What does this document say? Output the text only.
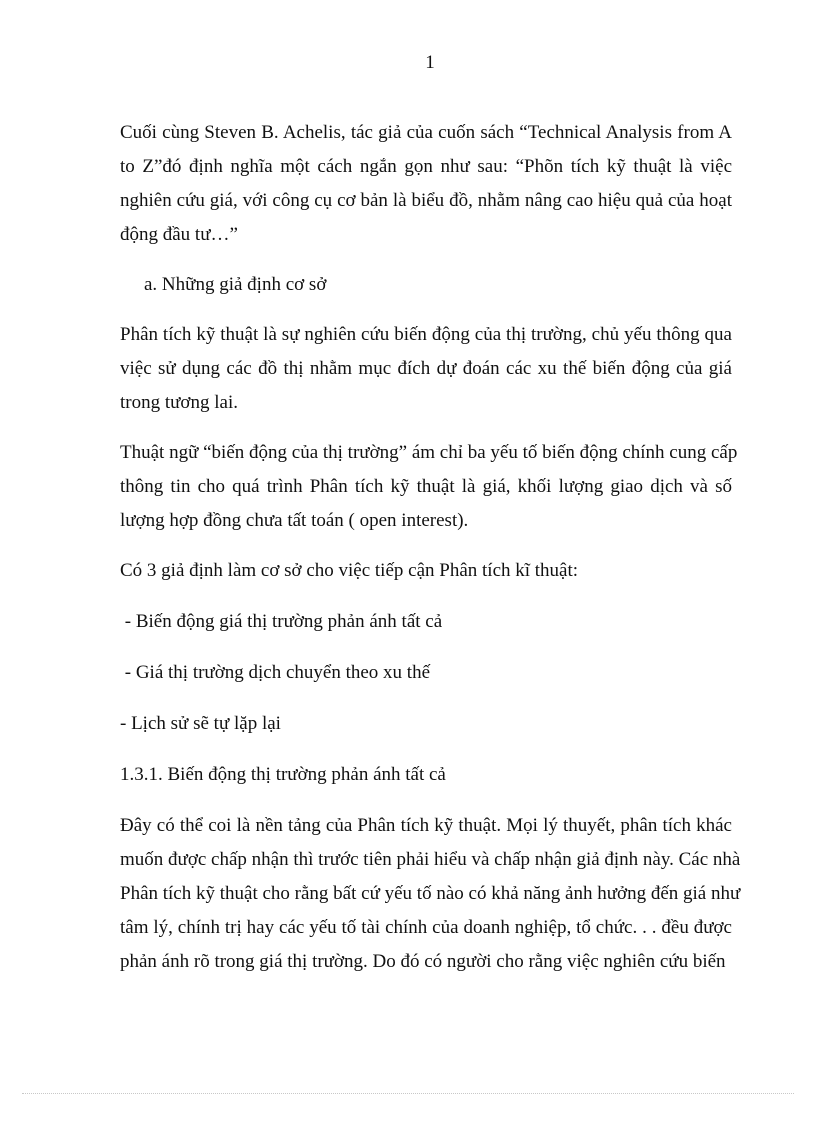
1
Cuối cùng Steven B. Achelis, tác giả của cuốn sách “Technical Analysis from A
to Z”đó định nghĩa một cách ngắn gọn như sau: “Phõn tích kỹ thuật là việc
nghiên cứu giá, với công cụ cơ bản là biểu đồ, nhằm nâng cao hiệu quả của hoạt
động đầu tư…”

a. Những giả định cơ sở

Phân tích kỹ thuật là sự nghiên cứu biến động của thị trường, chủ yếu thông qua
việc sử dụng các đồ thị nhằm mục đích dự đoán các xu thế biến động của giá
trong tương lai.
Thuật ngữ “biến động của thị trường” ám chỉ ba yếu tố biến động chính cung cấp
thông tin cho quá trình Phân tích kỹ thuật là giá, khối lượng giao dịch và số
lượng hợp đồng chưa tất toán ( open interest).

Có 3 giả định làm cơ sở cho việc tiếp cận Phân tích kĩ thuật:

- Biến động giá thị trường phản ánh tất cả

- Giá thị trường dịch chuyển theo xu thế

- Lịch sử sẽ tự lặp lại

1.3.1. Biến động thị trường phản ánh tất cả

Đây có thể coi là nền tảng của Phân tích kỹ thuật. Mọi lý thuyết, phân tích khác
muốn được chấp nhận thì trước tiên phải hiểu và chấp nhận giả định này. Các nhà
Phân tích kỹ thuật cho rằng bất cứ yếu tố nào có khả năng ảnh hưởng đến giá như
tâm lý, chính trị hay các yếu tố tài chính của doanh nghiệp, tổ chức. . . đều được
phản ánh rõ trong giá thị trường. Do đó có người cho rằng việc nghiên cứu biến
